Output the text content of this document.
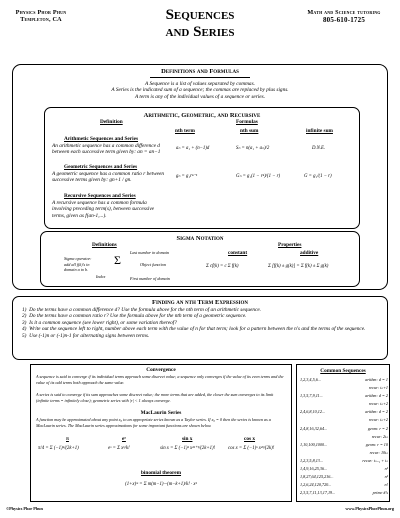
Physics Phor Phun
Templeton, CA	Sequences
and Series
Math and Science tutoring
805-610-1725
Definitions and Formulas
A Sequence is a list of values separated by commas.
A Series is the indicated sum of a sequence; the commas are replaced by plus signs.
A term is any of the individual values of a sequence or series.
Arithmetic, Geometric, and Recursive
Definition	Formulas
nth term	nth sum	infinite sum
Arithmetic Sequences and Series
An arithmetic sequence has a common difference d
between each successive term given by: an = an−1
aₙ = a₁ + (n−1)d	Sₙ = n(a₁ + aₙ)/2	D.N.E.
Geometric Sequences and Series
A geometric sequence has a common ratio r between
successive terms given by: gn+1 / gn.
gₙ = g₁rⁿ⁻¹	Gₙ = g₁(1 − rⁿ)/(1 − r)	G = g₁/(1 − r)
Recursive Sequences and Series
A recursive sequence has a common formula
involving preceding term(s), between successive
terms, given as f(an-1,...).
Sigma Notation
Definitions	Properties
constant	additive
Last number in domain
Sigma operator:
add all f(k)'s in
domain a to b.
Σ	Object function
Index	First number of domain
Σ cf(k) = c Σ f(k)	Σ [f(k) ± g(k)] = Σ f(k) ± Σ g(k)
Finding an nth Term Expression
1)  Do the terms have a common difference d? Use the formula above for the nth term of an arithmetic sequence.
2)  Do the terms have a common ratio r? Use the formula above for the nth term of a geometric sequence.
3)  Is it a common sequence (see lower right), or some variation thereof?
4)  Write out the sequence left to right, number above each term with the value of n for that term; look for a pattern between the n's and the terms of the sequence.
5)  Use (-1)n or (-1)n-1 for alternating signs between terms.
Convergence
A sequence is said to converge if its individual terms approach some discreet value; a sequence only converges if the value of its even terms and the value of its odd terms both approach the same value.
A series is said to converge if its sum approaches some discreet value; the more terms that are added, the closer the sum converges to its limit (infinite terms = infinitely close); geometric series with |r| < 1 always converge.
MacLaurin Series
A function may be approximated about any point x₀ to an appropriate series known as a Taylor series. If x₀ = 0 then the series is known as a MacLaurin series. The MacLaurin series approximations for some important functions are shown below.
π	eˣ	sin x	cos x
π/4 = Σ (−1)ᵏ/(2k+1)	eˣ = Σ xᵏ/k!	sin x = Σ (−1)ᵏ x²ᵏ⁺¹/(2k+1)!	cos x = Σ (−1)ᵏ x²ᵏ/(2k)!
binomial theorem
(1+x)ᵐ = Σ m(m−1)···(m−k+1)/k! · xᵏ
Common Sequences
1,2,3,4,5,6...	arithm: d = 1
recur: tₙ+1
1,3,5,7,9,11...	arithm: d = 2
recur: tₙ+2
2,4,6,8,10,12...	arithm: d = 2
recur: tₙ+2
2,4,8,16,32,64...	geom: r = 2
recur: 2tₙ
1,10,100,1000...	geom: r = 10
recur: 10tₙ
1,2,3,5,8,13...	recur: tₙ₋₁ + tₙ
1,4,9,16,25,36...	n²
1,8,27,64,125,216...	n³
1,2,6,24,120,720...	n!
2,3,5,7,11,13,17,19...	prime #'s
©Physics Phor Phun	www.PhysicsPhorPhun.org
